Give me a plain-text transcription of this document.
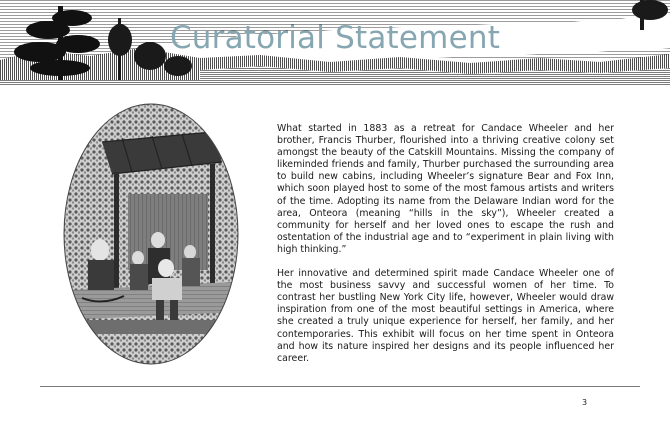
Curatorial Statement

What started in 1883 as a retreat for Candace Wheeler and her brother, Francis Thurber, flourished into a thriving creative colony set amongst the beauty of the Catskill Mountains. Missing the company of likeminded friends and family, Thurber purchased the surrounding area to build new cabins, including Wheeler’s signature Bear and Fox Inn, which soon played host to some of the most famous artists and writers of the time. Adopting its name from the Delaware Indian word for the area, Onteora (meaning “hills in the sky”), Wheeler created a community for herself and her loved ones to escape the rush and ostentation of the industrial age and to “experiment in plain living with high thinking.”

Her innovative and determined spirit made Candace Wheeler one of the most business savvy and successful women of her time. To contrast her bustling New York City life, however, Wheeler would draw inspiration from one of the most beautiful settings in America, where she created a truly unique experience for herself, her family, and her contemporaries. This exhibit will focus on her time spent in Onteora and how its nature inspired her designs and its people influenced her career.

3
